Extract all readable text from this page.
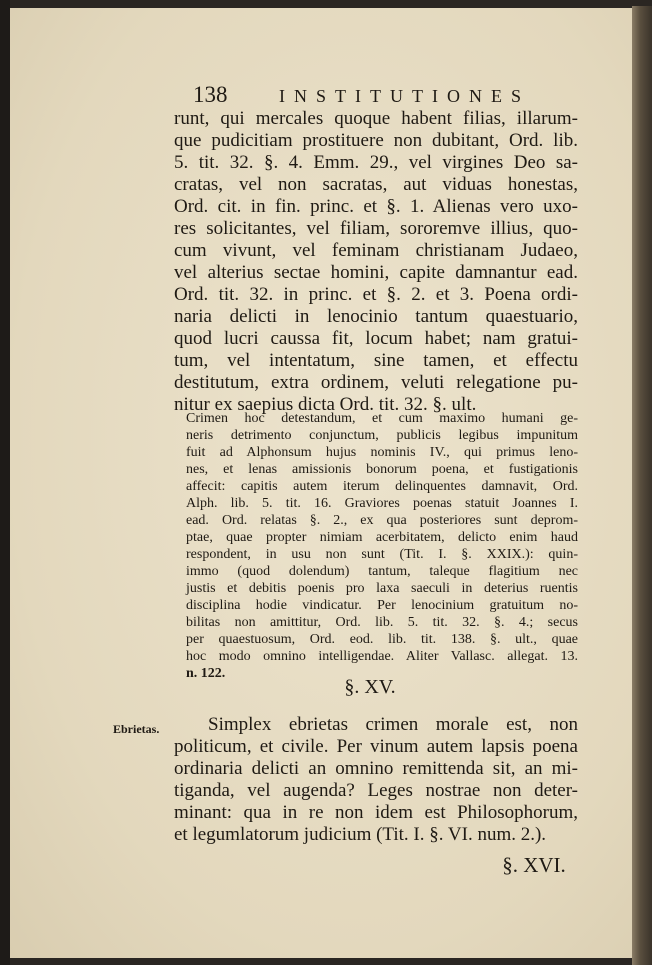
138	INSTITUTIONES
runt, qui mercales quoque habent filias, illarum-
que pudicitiam prostituere non dubitant, Ord. lib.
5. tit. 32. §. 4. Emm. 29., vel virgines Deo sa-
cratas, vel non sacratas, aut viduas honestas,
Ord. cit. in fin. princ. et §. 1. Alienas vero uxo-
res solicitantes, vel filiam, sororemve illius, quo-
cum vivunt, vel feminam christianam Judaeo,
vel alterius sectae homini, capite damnantur ead.
Ord. tit. 32. in princ. et §. 2. et 3. Poena ordi-
naria delicti in lenocinio tantum quaestuario,
quod lucri caussa fit, locum habet; nam gratui-
tum, vel intentatum, sine tamen, et effectu
destitutum, extra ordinem, veluti relegatione pu-
nitur ex saepius dicta Ord. tit. 32. §. ult.
Crimen hoc detestandum, et cum maximo humani ge-
neris detrimento conjunctum, publicis legibus impunitum
fuit ad Alphonsum hujus nominis IV., qui primus leno-
nes, et lenas amissionis bonorum poena, et fustigationis
affecit: capitis autem iterum delinquentes damnavit, Ord.
Alph. lib. 5. tit. 16. Graviores poenas statuit Joannes I.
ead. Ord. relatas §. 2., ex qua posteriores sunt deprom-
ptae, quae propter nimiam acerbitatem, delicto enim haud
respondent, in usu non sunt (Tit. I. §. XXIX.): quin-
immo (quod dolendum) tantum, taleque flagitium nec
justis et debitis poenis pro laxa saeculi in deterius ruentis
disciplina hodie vindicatur. Per lenocinium gratuitum no-
bilitas non amittitur, Ord. lib. 5. tit. 32. §. 4.; secus
per quaestuosum, Ord. eod. lib. tit. 138. §. ult., quae
hoc modo omnino intelligendae. Aliter Vallasc. allegat. 13.
n. 122.
§. XV.
Ebrietas.	Simplex ebrietas crimen morale est, non
politicum, et civile. Per vinum autem lapsis poena
ordinaria delicti an omnino remittenda sit, an mi-
tiganda, vel augenda? Leges nostrae non deter-
minant: qua in re non idem est Philosophorum,
et legumlatorum judicium (Tit. I. §. VI. num. 2.).
§. XVI.
